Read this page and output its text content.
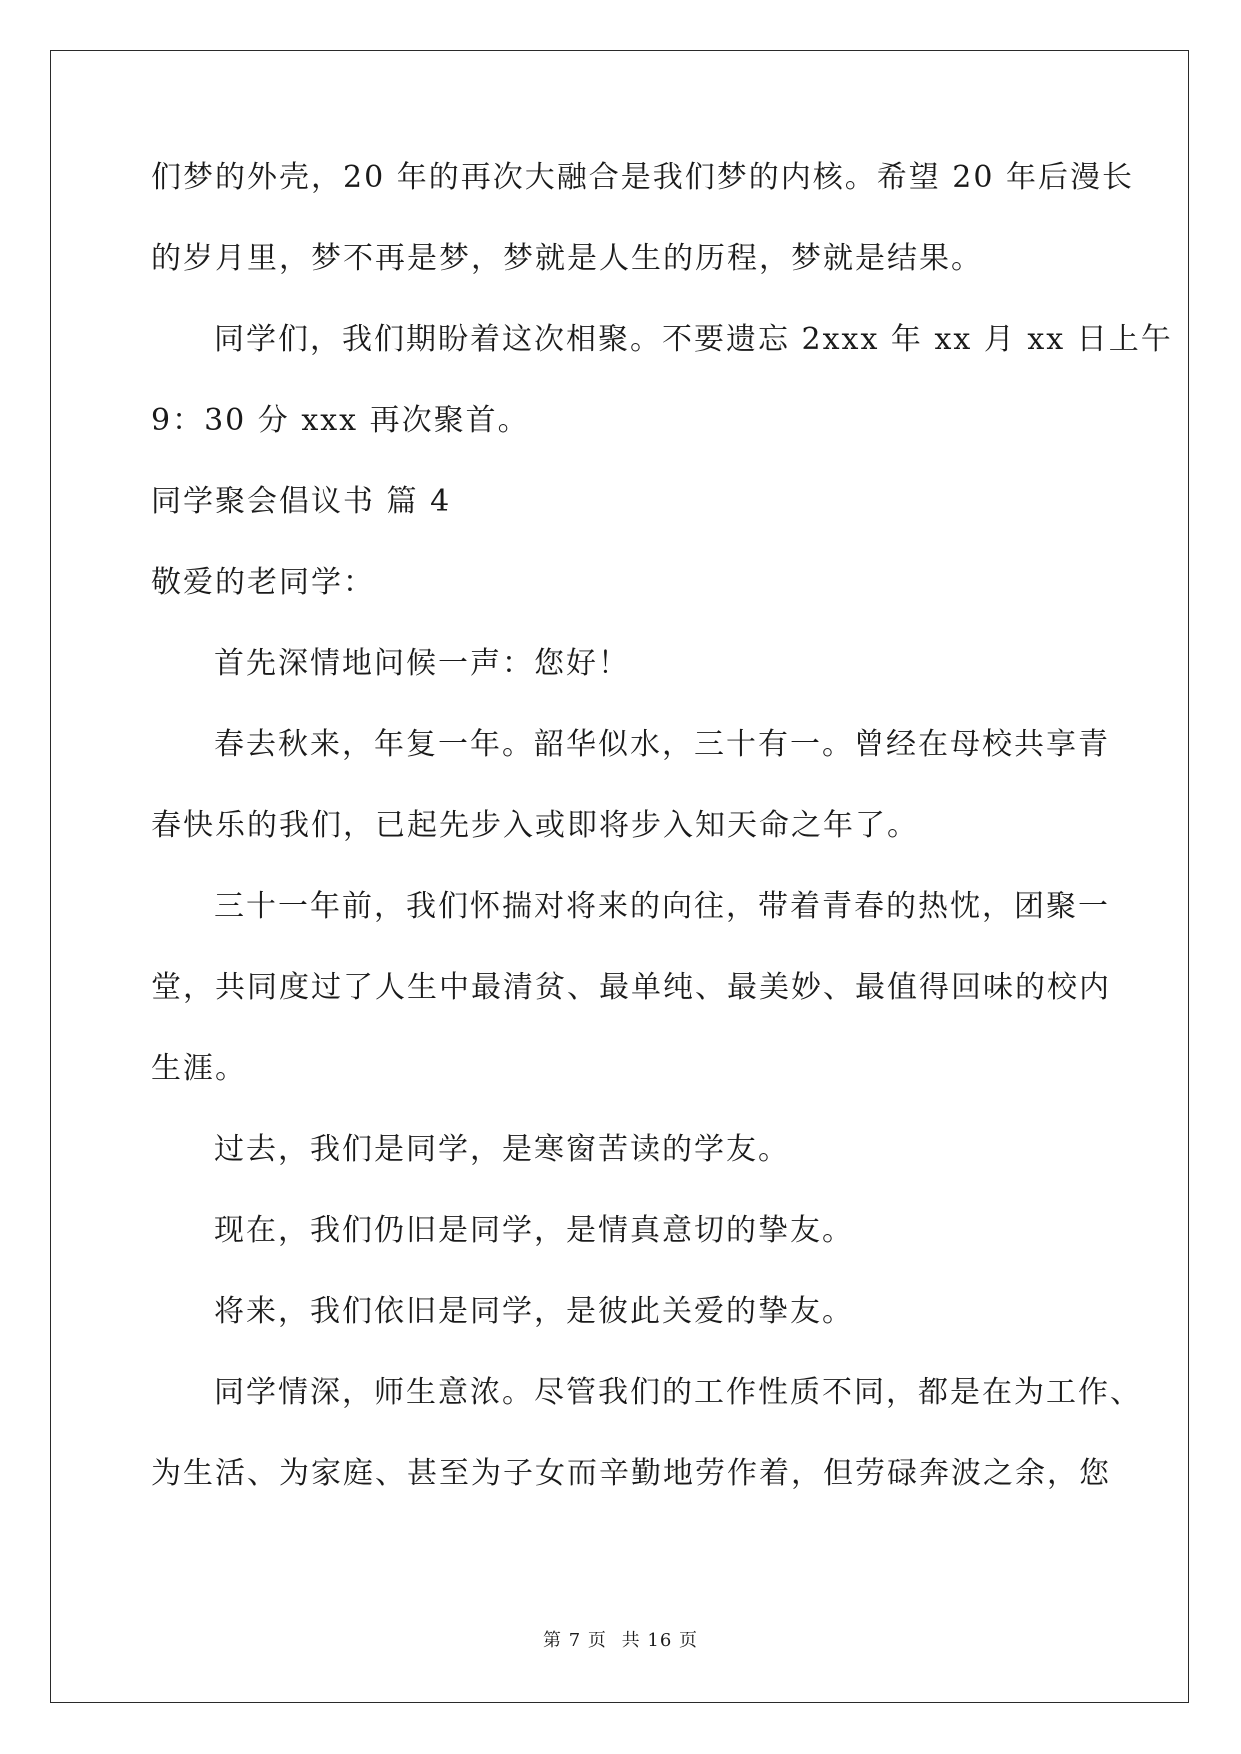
们梦的外壳，20 年的再次大融合是我们梦的内核。希望 20 年后漫长
的岁月里，梦不再是梦，梦就是人生的历程，梦就是结果。
同学们，我们期盼着这次相聚。不要遗忘 2xxx 年 xx 月 xx 日上午
9：30 分 xxx 再次聚首。
同学聚会倡议书 篇 4
敬爱的老同学：
首先深情地问候一声：您好！
春去秋来，年复一年。韶华似水，三十有一。曾经在母校共享青
春快乐的我们，已起先步入或即将步入知天命之年了。
三十一年前，我们怀揣对将来的向往，带着青春的热忱，团聚一
堂，共同度过了人生中最清贫、最单纯、最美妙、最值得回味的校内
生涯。
过去，我们是同学，是寒窗苦读的学友。
现在，我们仍旧是同学，是情真意切的挚友。
将来，我们依旧是同学，是彼此关爱的挚友。
同学情深，师生意浓。尽管我们的工作性质不同，都是在为工作、
为生活、为家庭、甚至为子女而辛勤地劳作着，但劳碌奔波之余，您
第 7 页 共 16 页
